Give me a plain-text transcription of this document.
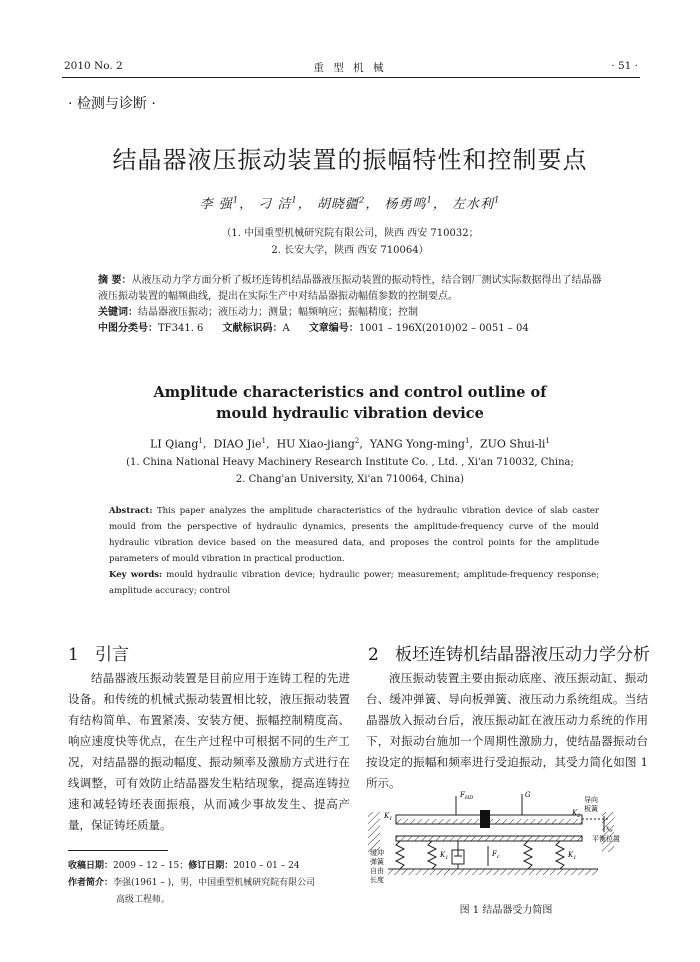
2010 No. 2	重 型 机 械	· 51 ·
· 检测与诊断 ·
结晶器液压振动装置的振幅特性和控制要点
李 强$^1$， 刁 洁$^1$， 胡晓疆$^2$， 杨勇鸣$^1$， 左水利$^1$
（1. 中国重型机械研究院有限公司，陕西 西安 710032；
2. 长安大学，陕西 西安 710064）
摘 要：从液压动力学方面分析了板坯连铸机结晶器液压振动装置的振动特性，结合钢厂测试实际数据得出了结晶器液压振动装置的幅频曲线，提出在实际生产中对结晶器振动幅值参数的控制要点。
关键词：结晶器液压振动；液压动力；测量；幅频响应；振幅精度；控制
中图分类号：TF341. 6 文献标识码：A 文章编号：1001 – 196X(2010)02 – 0051 – 04
Amplitude characteristics and control outline of
mould hydraulic vibration device
LI Qiang$^1$,  DIAO Jie$^1$,  HU Xiao-jiang$^2$,  YANG Yong-ming$^1$,  ZUO Shui-$li^1$
(1. China National Heavy Machinery Research Institute Co. , Ltd. , Xi'an 710032, China;
2. Chang'an University, Xi'an 710064, China)
Abstract: This paper analyzes the amplitude characteristics of the hydraulic vibration device of slab caster mould from the perspective of hydraulic dynamics, presents the amplitude-frequency curve of the mould hydraulic vibration device based on the measured data, and proposes the control points for the amplitude parameters of mould vibration in practical production.
Key words: mould hydraulic vibration device; hydraulic power; measurement; amplitude-frequency response; amplitude accuracy; control
1 引言

结晶器液压振动装置是目前应用于连铸工程的先进设备。和传统的机械式振动装置相比较，液压振动装置有结构简单、布置紧凑、安装方便、振幅控制精度高、响应速度快等优点，在生产过程中可根据不同的生产工况，对结晶器的振动幅度、振动频率及激励方式进行在线调整，可有效防止结晶器发生粘结现象，提高连铸拉速和减轻铸坯表面振痕，从而减少事故发生、提高产量，保证铸坯质量。

收稿日期：2009 – 12 – 15；修订日期：2010 – 01 – 24
作者简介：李强(1961 – )，男，中国重型机械研究院有限公司
高级工程师。
2 板坯连铸机结晶器液压动力学分析

液压振动装置主要由振动底座、液压振动缸、振动台、缓冲弹簧、导向板弹簧、液压动力系统组成。当结晶器放入振动台后，液压振动缸在液压动力系统的作用下，对振动台施加一个周期性激励力，使结晶器振动台按设定的振幅和频率进行受迫振动，其受力简化如图 1 所示。

$F_{HD}$	G
导向
板簧
$K_2$
$K_1$
$K_1$	$K_1$
$F_c$
$x_o$
平衡位置
缓冲
弹簧
自由
长度
图 1 结晶器受力简图
